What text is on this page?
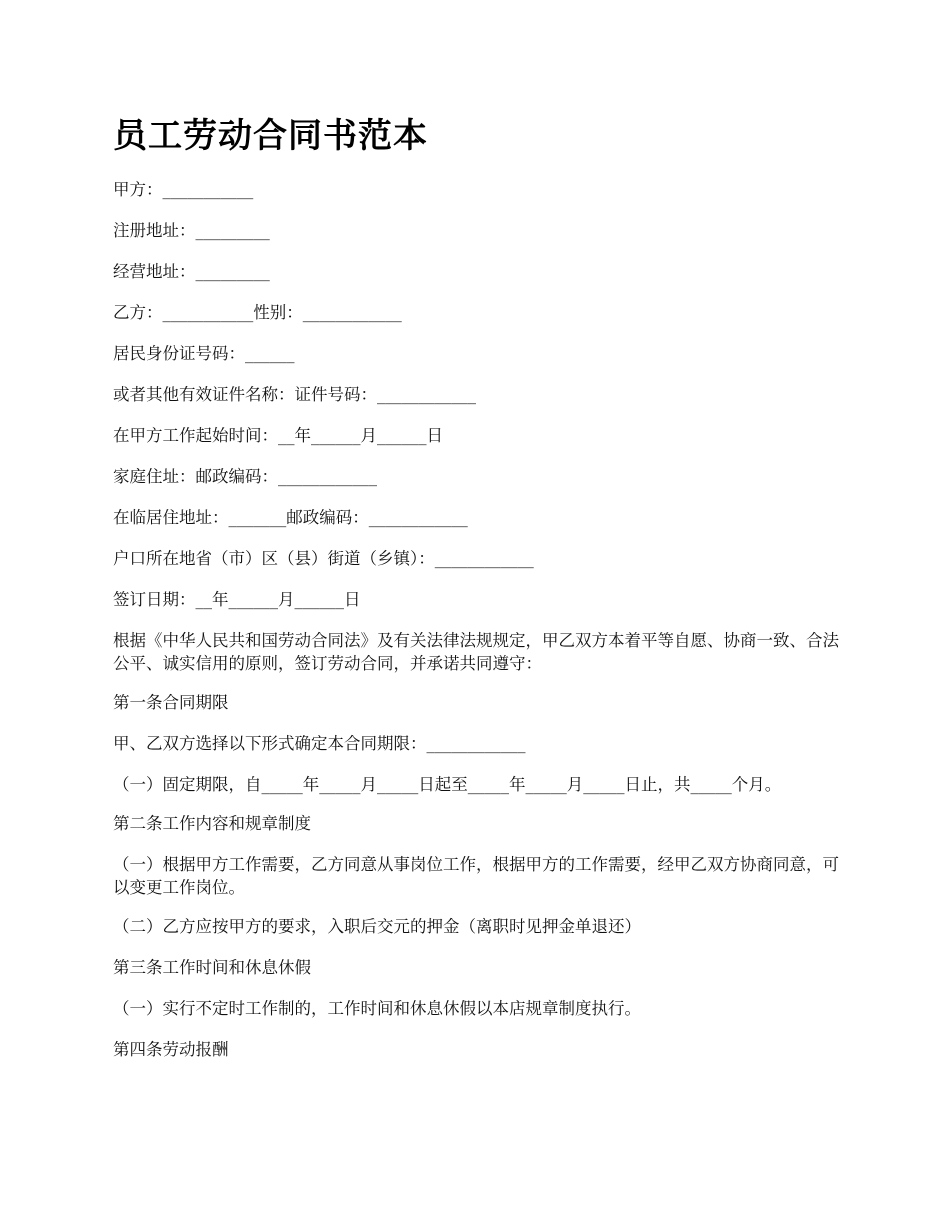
员工劳动合同书范本

甲方：___________

注册地址：_________

经营地址：_________

乙方：___________性别：____________

居民身份证号码：______

或者其他有效证件名称：证件号码：____________

在甲方工作起始时间：__年______月______日

家庭住址：邮政编码：____________

在临居住地址：_______邮政编码：____________

户口所在地省（市）区（县）街道（乡镇）：____________

签订日期：__年______月______日

根据《中华人民共和国劳动合同法》及有关法律法规规定，甲乙双方本着平等自愿、协商一致、合法公平、诚实信用的原则，签订劳动合同，并承诺共同遵守：

第一条合同期限

甲、乙双方选择以下形式确定本合同期限：____________

（一）固定期限，自_____年_____月_____日起至_____年_____月_____日止，共_____个月。

第二条工作内容和规章制度

（一）根据甲方工作需要，乙方同意从事岗位工作，根据甲方的工作需要，经甲乙双方协商同意，可以变更工作岗位。

（二）乙方应按甲方的要求，入职后交元的押金（离职时见押金单退还）

第三条工作时间和休息休假

（一）实行不定时工作制的，工作时间和休息休假以本店规章制度执行。

第四条劳动报酬
